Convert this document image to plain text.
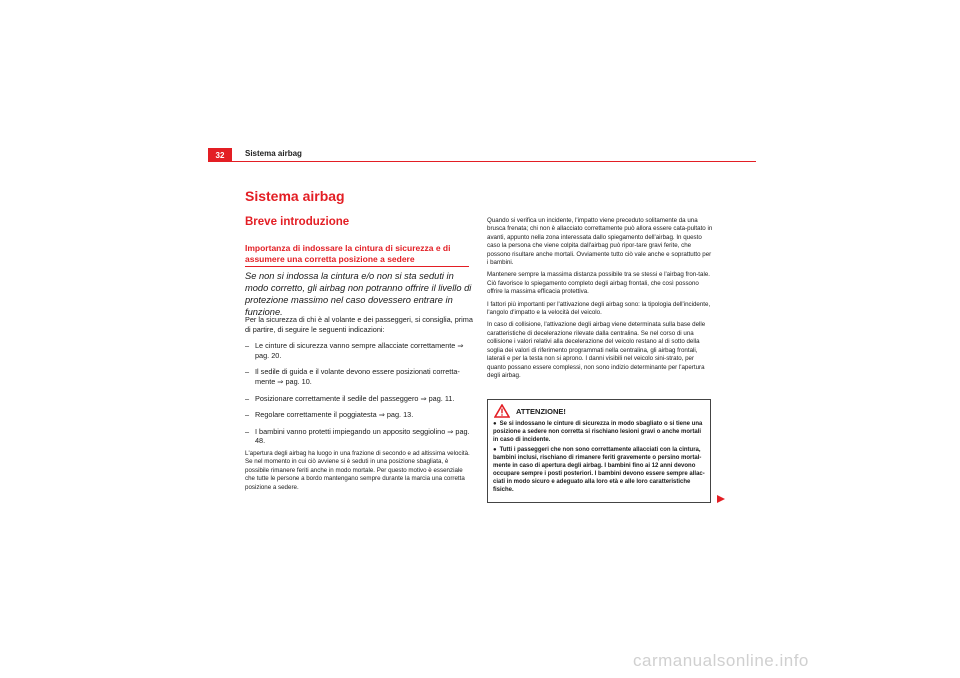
32	Sistema airbag
Sistema airbag
Breve introduzione
Importanza di indossare la cintura di sicurezza e di assumere una corretta posizione a sedere
Se non si indossa la cintura e/o non si sta seduti in modo corretto, gli airbag non potranno offrire il livello di protezione massimo nel caso dovessero entrare in funzione.

Per la sicurezza di chi è al volante e dei passeggeri, si consiglia, prima di partire, di seguire le seguenti indicazioni:

– Le cinture di sicurezza vanno sempre allacciate correttamente ⇒ pag. 20.
– Il sedile di guida e il volante devono essere posizionati corretta-mente ⇒ pag. 10.
– Posizionare correttamente il sedile del passeggero ⇒ pag. 11.
– Regolare correttamente il poggiatesta ⇒ pag. 13.
– I bambini vanno protetti impiegando un apposito seggiolino ⇒ pag. 48.
L'apertura degli airbag ha luogo in una frazione di secondo e ad altissima velocità. Se nel momento in cui ciò avviene si è seduti in una posizione sbagliata, è possibile rimanere feriti anche in modo mortale. Per questo motivo è essenziale che tutte le persone a bordo mantengano sempre durante la marcia una corretta posizione a sedere.

Quando si verifica un incidente, l'impatto viene preceduto solitamente da una brusca frenata; chi non è allacciato correttamente può allora essere cata-pultato in avanti, appunto nella zona interessata dallo spiegamento dell'airbag. In questo caso la persona che viene colpita dall'airbag può ripor-tare gravi ferite, che possono risultare anche mortali. Ovviamente tutto ciò vale anche e soprattutto per i bambini.

Mantenere sempre la massima distanza possibile tra se stessi e l'airbag fron-tale. Ciò favorisce lo spiegamento completo degli airbag frontali, che così possono offrire la massima efficacia protettiva.

I fattori più importanti per l'attivazione degli airbag sono: la tipologia dell'incidente, l'angolo d'impatto e la velocità del veicolo.

In caso di collisione, l'attivazione degli airbag viene determinata sulla base delle caratteristiche di decelerazione rilevate dalla centralina. Se nel corso di una collisione i valori relativi alla decelerazione del veicolo restano al di sotto della soglia dei valori di riferimento programmati nella centralina, gli airbag frontali, laterali e per la testa non si aprono. I danni visibili nel veicolo sini-strato, per quanto possano essere complessi, non sono indizio determinante per l'apertura degli airbag.

ATTENZIONE!
● Se si indossano le cinture di sicurezza in modo sbagliato o si tiene una posizione a sedere non corretta si rischiano lesioni gravi o anche mortali in caso di incidente.
● Tutti i passeggeri che non sono correttamente allacciati con la cintura, bambini inclusi, rischiano di rimanere feriti gravemente o persino mortal-mente in caso di apertura degli airbag. I bambini fino ai 12 anni devono occupare sempre i posti posteriori. I bambini devono essere sempre allac-ciati in modo sicuro e adeguato alla loro età e alle loro caratteristiche fisiche.
carmanualsonline.info
